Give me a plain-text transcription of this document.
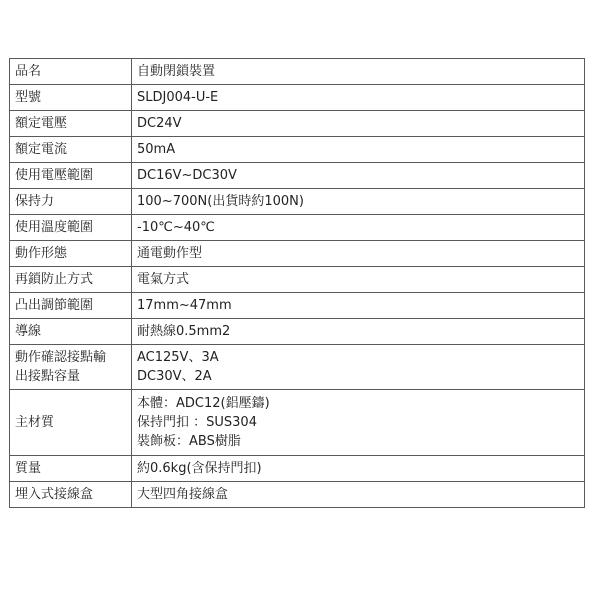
品名	自動閉鎖裝置

型號	SLDJ004-U-E

額定電壓	DC24V

額定電流	50mA

使用電壓範圍	DC16V~DC30V

保持力	100~700N(出貨時約100N)

使用溫度範圍	-10℃~40℃

動作形態	通電動作型

再鎖防止方式	電氣方式

凸出調節範圍	17mm~47mm

導線	耐熱線0.5mm2

動作確認接點輸
出接點容量	AC125V、3A
DC30V、2A

主材質	本體：ADC12(鋁壓鑄)
保持門扣 ：SUS304
裝飾板：ABS樹脂

質量	約0.6kg(含保持門扣)

埋入式接線盒	大型四角接線盒
